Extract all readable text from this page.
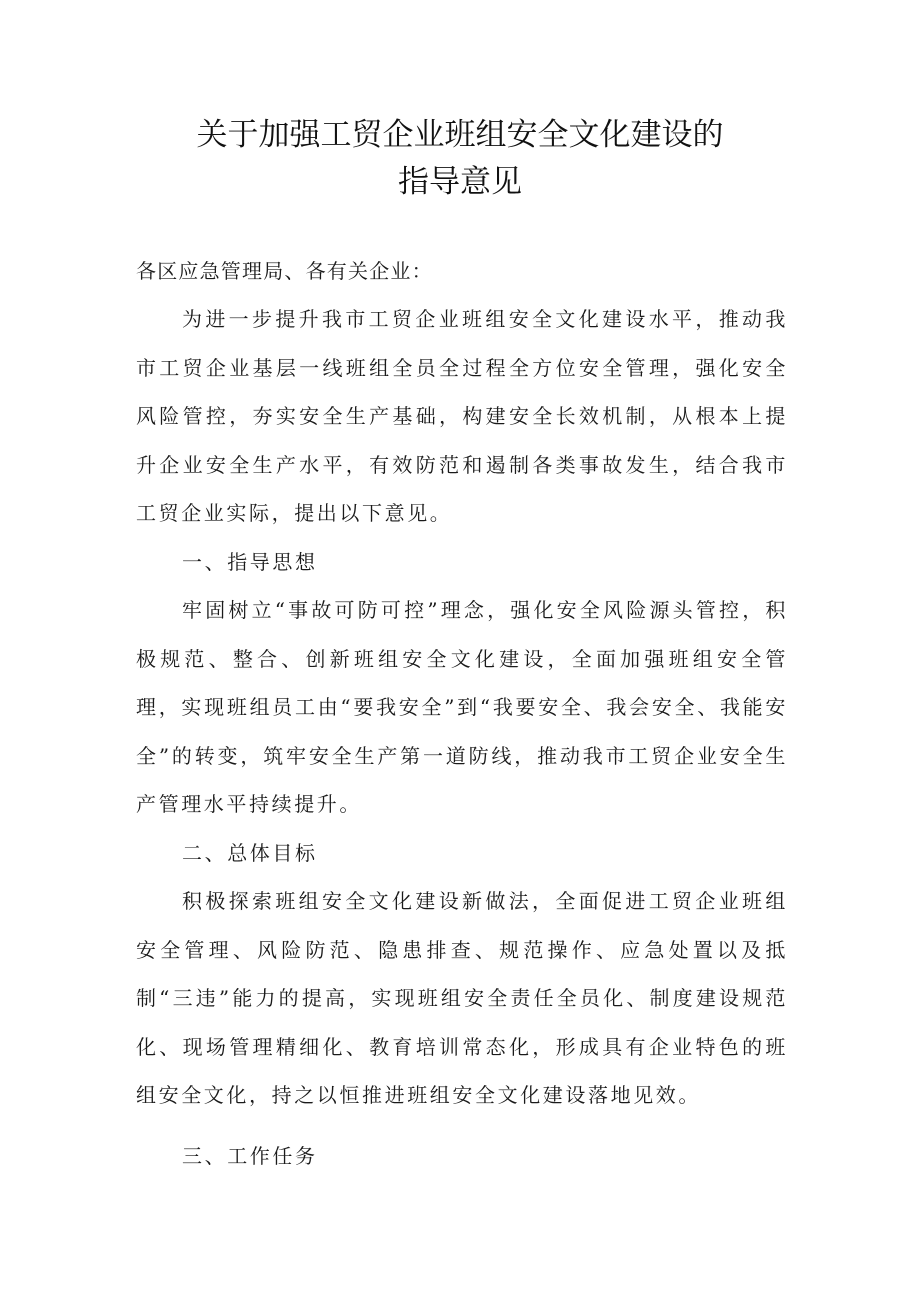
关于加强工贸企业班组安全文化建设的
指导意见
各区应急管理局、各有关企业：

为进一步提升我市工贸企业班组安全文化建设水平，推动我市工贸企业基层一线班组全员全过程全方位安全管理，强化安全风险管控，夯实安全生产基础，构建安全长效机制，从根本上提升企业安全生产水平，有效防范和遏制各类事故发生，结合我市工贸企业实际，提出以下意见。

一、指导思想

牢固树立“事故可防可控”理念，强化安全风险源头管控，积极规范、整合、创新班组安全文化建设，全面加强班组安全管理，实现班组员工由“要我安全”到“我要安全、我会安全、我能安全”的转变，筑牢安全生产第一道防线，推动我市工贸企业安全生产管理水平持续提升。

二、总体目标

积极探索班组安全文化建设新做法，全面促进工贸企业班组安全管理、风险防范、隐患排查、规范操作、应急处置以及抵制“三违”能力的提高，实现班组安全责任全员化、制度建设规范化、现场管理精细化、教育培训常态化，形成具有企业特色的班组安全文化，持之以恒推进班组安全文化建设落地见效。

三、工作任务
